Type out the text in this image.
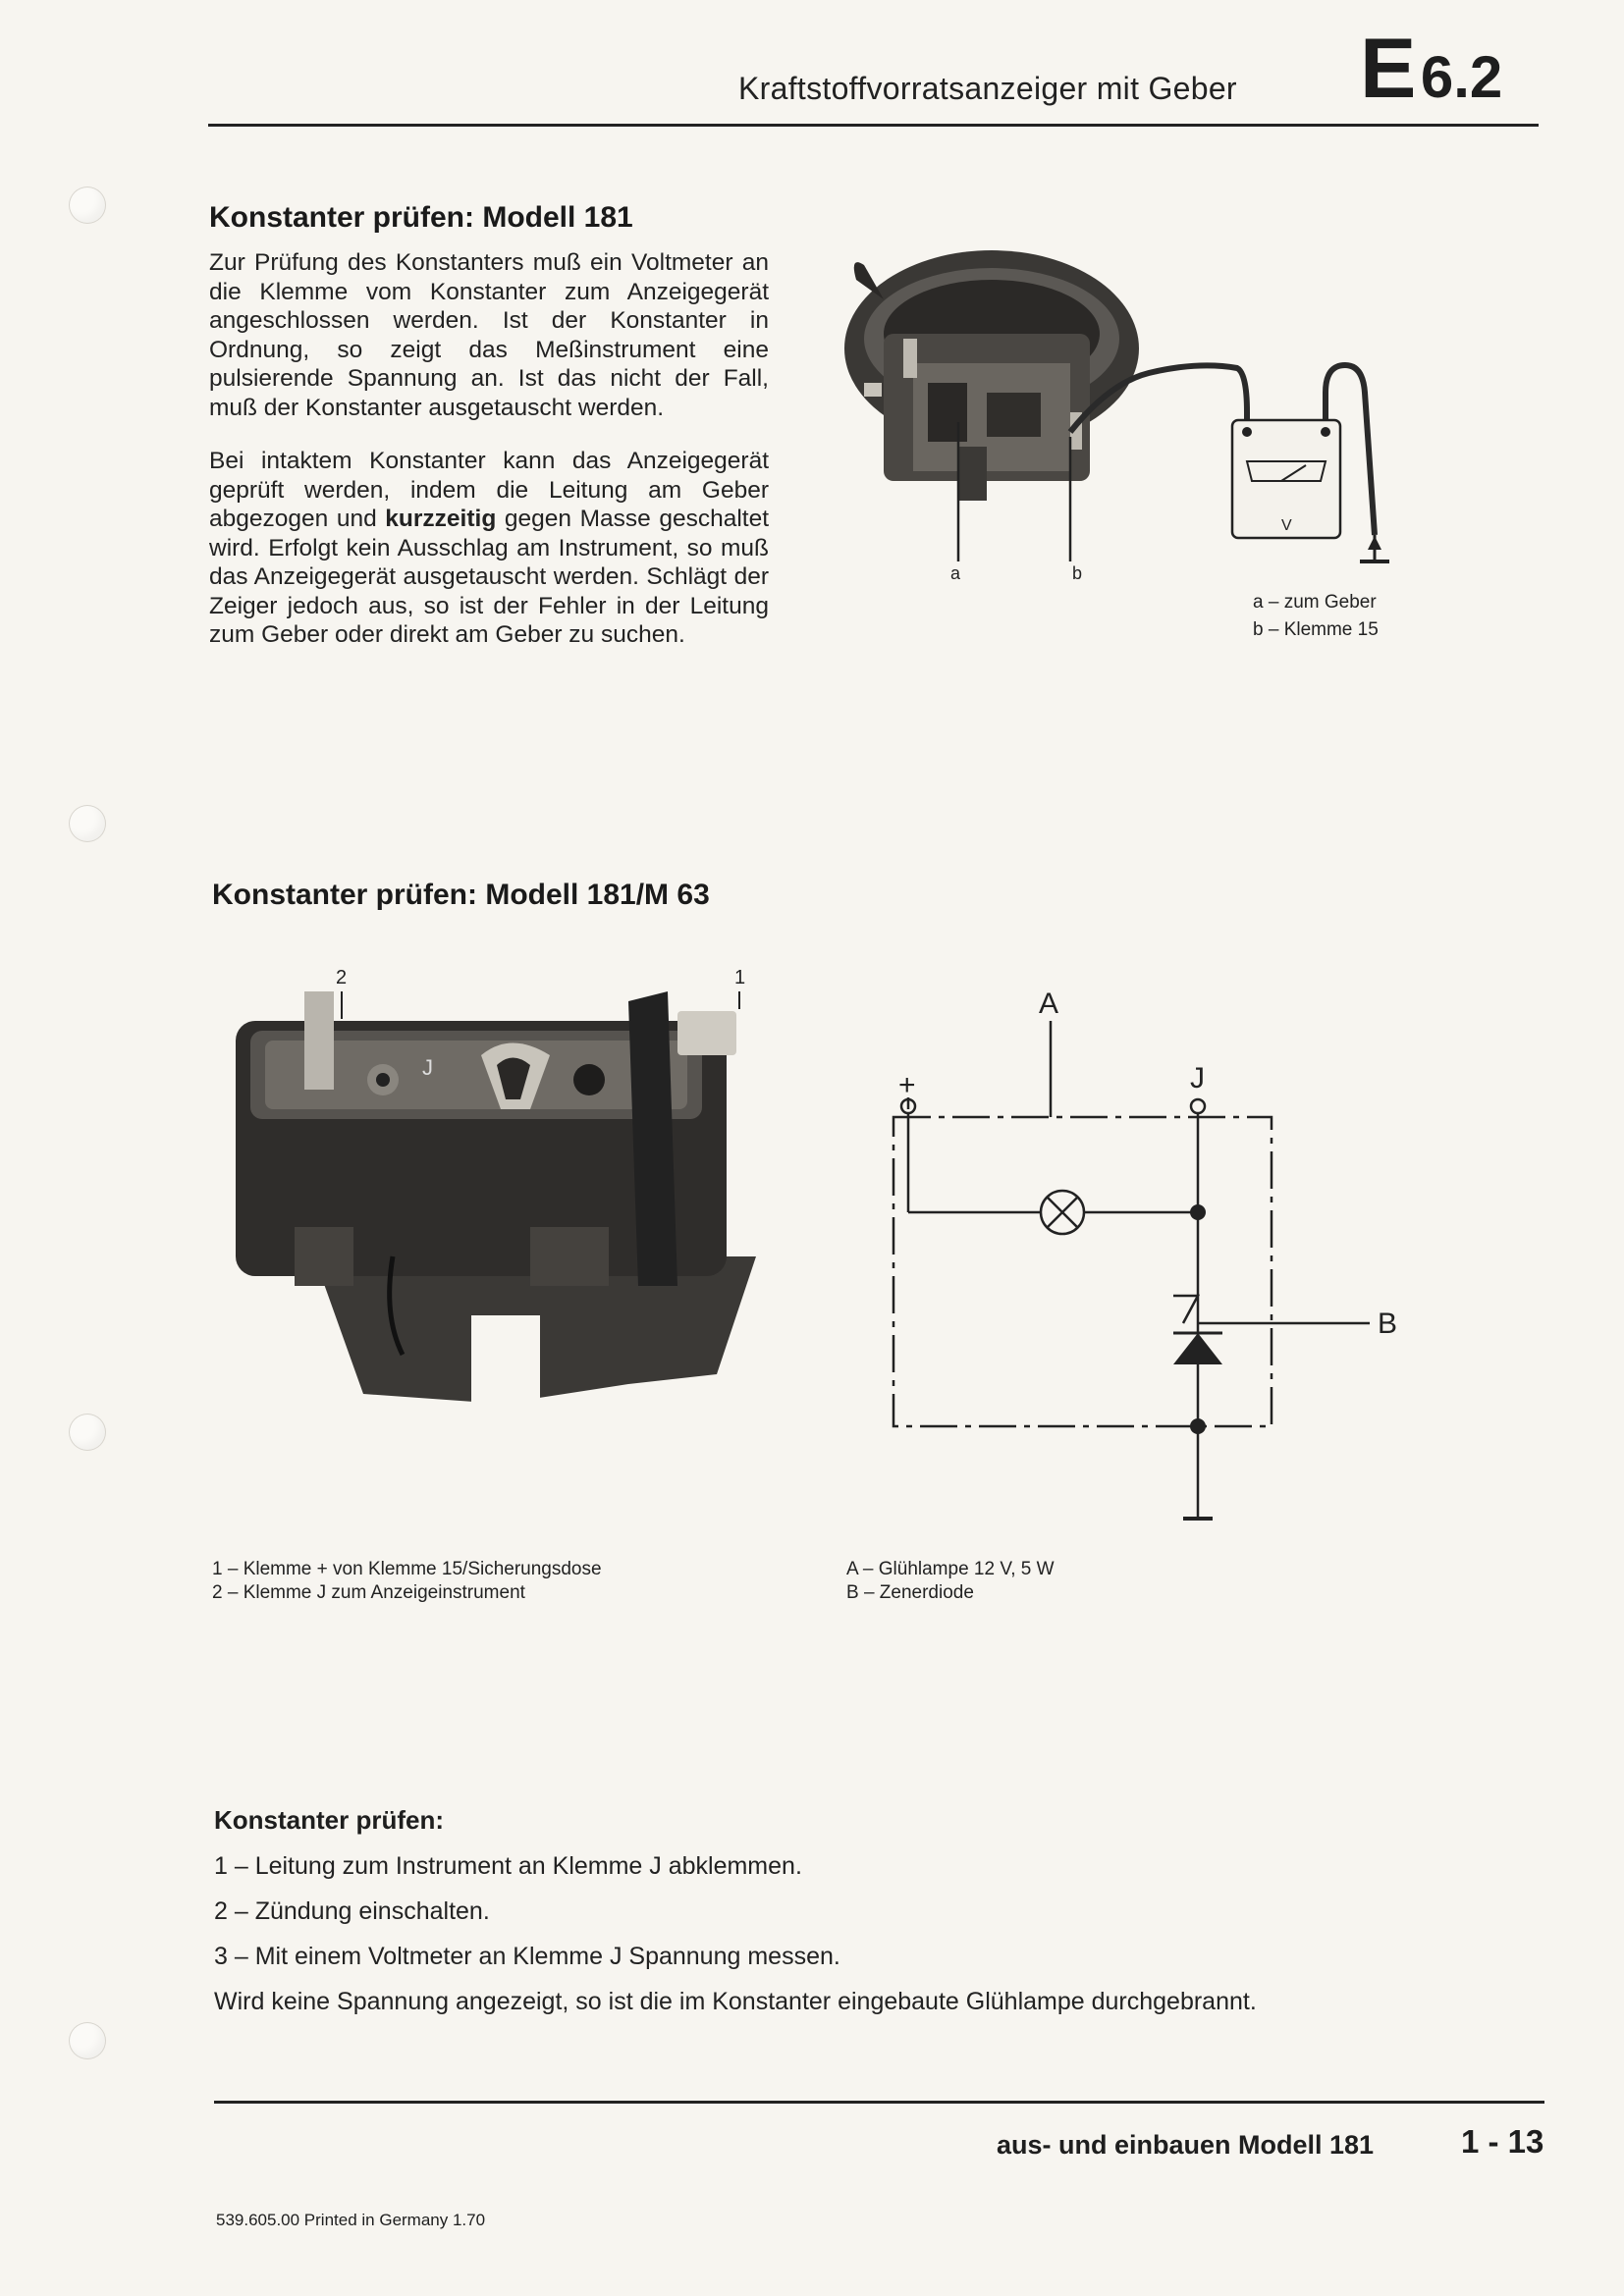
Kraftstoffvorratsanzeiger mit Geber E 6.2
Konstanter prüfen: Modell 181
Zur Prüfung des Konstanters muß ein Voltmeter an die Klemme vom Konstanter zum Anzeigegerät angeschlossen werden. Ist der Konstanter in Ordnung, so zeigt das Meßinstrument eine pulsierende Spannung an. Ist das nicht der Fall, muß der Konstanter ausgetauscht werden.
Bei intaktem Konstanter kann das Anzeigegerät geprüft werden, indem die Leitung am Geber abgezogen und kurzzeitig gegen Masse geschaltet wird. Erfolgt kein Ausschlag am Instrument, so muß das Anzeigegerät ausgetauscht werden. Schlägt der Zeiger jedoch aus, so ist der Fehler in der Leitung zum Geber oder direkt am Geber zu suchen.
a	b
V
a – zum Geber
b – Klemme 15
Konstanter prüfen: Modell 181/M 63
2	1
J
A
+	J
B
1 – Klemme + von Klemme 15/Sicherungsdose
2 – Klemme J zum Anzeigeinstrument
A – Glühlampe 12 V, 5 W
B – Zenerdiode
Konstanter prüfen:
1 – Leitung zum Instrument an Klemme J abklemmen.
2 – Zündung einschalten.
3 – Mit einem Voltmeter an Klemme J Spannung messen.
Wird keine Spannung angezeigt, so ist die im Konstanter eingebaute Glühlampe durchgebrannt.
aus- und einbauen Modell 181	1 - 13
539.605.00 Printed in Germany 1.70
